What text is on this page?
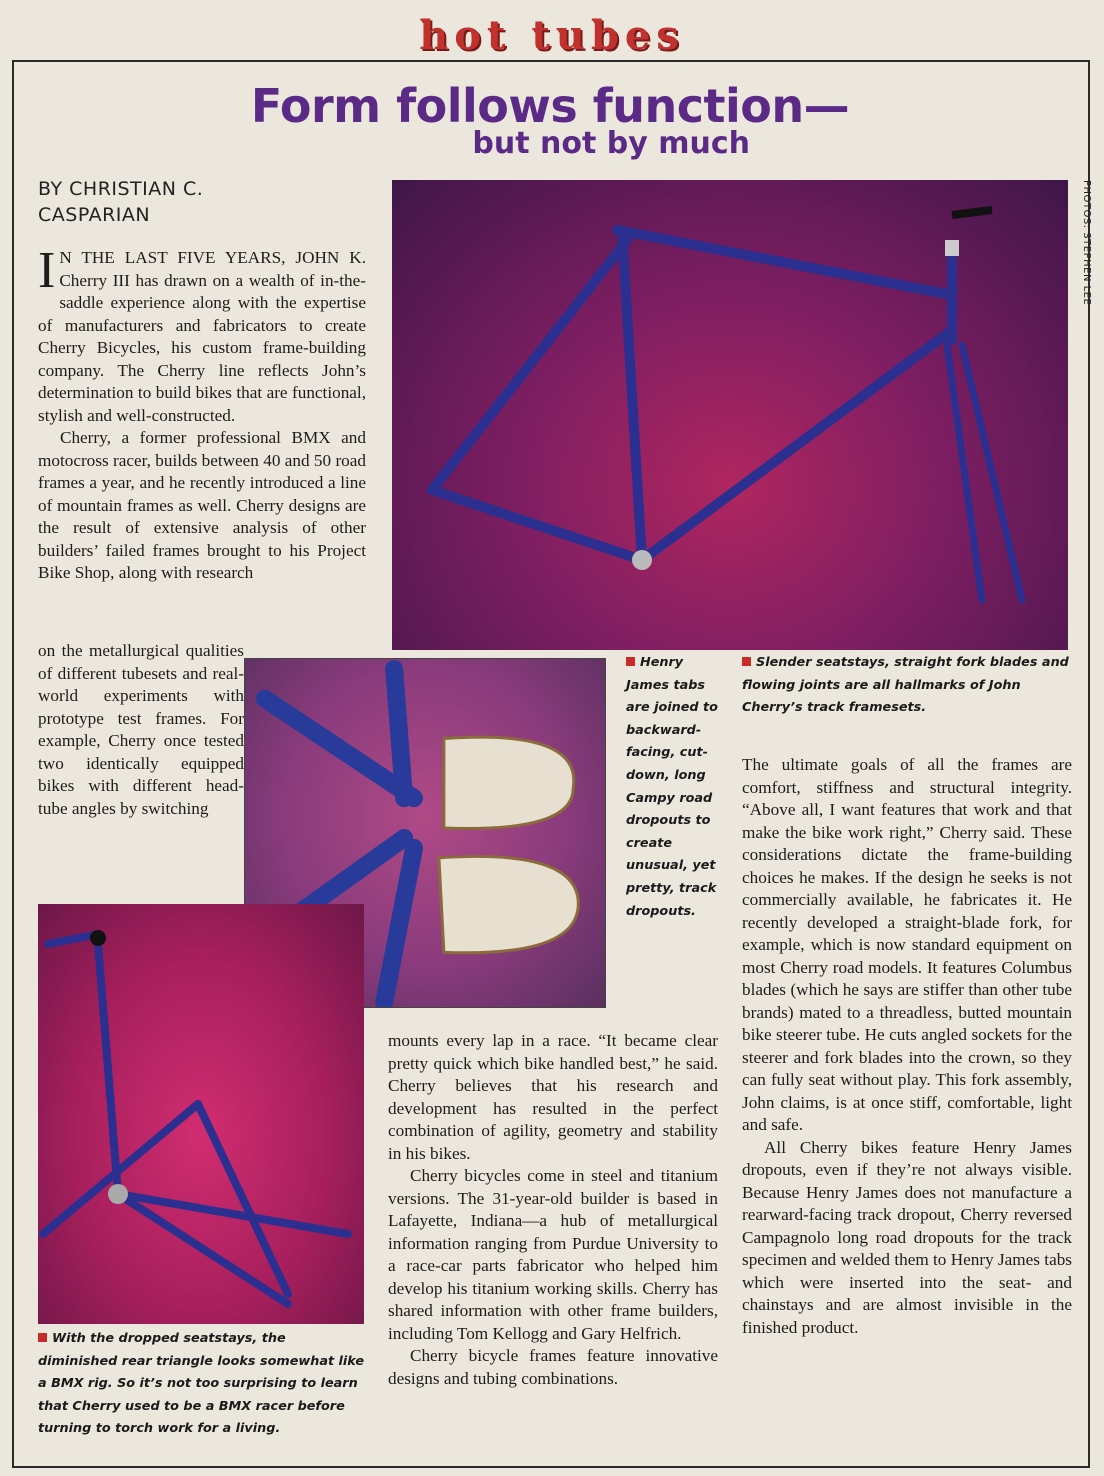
hot tubes
Form follows function—
but not by much
BY CHRISTIAN C. CASPARIAN	PHOTOS: STEPHEN LEE

I N THE LAST FIVE YEARS, JOHN K. Cherry III has drawn on a wealth of in-the-saddle experience along with the expertise of manufacturers and fabricators to create Cherry Bicycles, his custom frame-building company. The Cherry line reflects John’s determination to build bikes that are functional, stylish and well-constructed.

Cherry, a former professional BMX and motocross racer, builds between 40 and 50 road frames a year, and he recently introduced a line of mountain frames as well. Cherry designs are the result of extensive analysis of other builders’ failed frames brought to his Project Bike Shop, along with research

on the metallurgical qualities of different tubesets and real-world experiments with prototype test frames. For example, Cherry once tested two identically equipped bikes with different head-tube angles by switching

mounts every lap in a race. “It became clear pretty quick which bike handled best,” he said. Cherry believes that his research and development has resulted in the perfect combination of agility, geometry and stability in his bikes.

Cherry bicycles come in steel and titanium versions. The 31-year-old builder is based in Lafayette, Indiana—a hub of metallurgical information ranging from Purdue University to a race-car parts fabricator who helped him develop his titanium working skills. Cherry has shared information with other frame builders, including Tom Kellogg and Gary Helfrich.

Cherry bicycle frames feature innovative designs and tubing combinations.

The ultimate goals of all the frames are comfort, stiffness and structural integrity. “Above all, I want features that work and that make the bike work right,” Cherry said. These considerations dictate the frame-building choices he makes. If the design he seeks is not commercially available, he fabricates it. He recently developed a straight-blade fork, for example, which is now standard equipment on most Cherry road models. It features Columbus blades (which he says are stiffer than other tube brands) mated to a threadless, butted mountain bike steerer tube. He cuts angled sockets for the steerer and fork blades into the crown, so they can fully seat without play. This fork assembly, John claims, is at once stiff, comfortable, light and safe.

All Cherry bikes feature Henry James dropouts, even if they’re not always visible. Because Henry James does not manufacture a rearward-facing track dropout, Cherry reversed Campagnolo long road dropouts for the track specimen and welded them to Henry James tabs which were inserted into the seat- and chainstays and are almost invisible in the finished product.

Henry James tabs are joined to backward-facing, cut-down, long Campy road dropouts to create unusual, yet pretty, track dropouts.
Slender seatstays, straight fork blades and flowing joints are all hallmarks of John Cherry’s track framesets.
With the dropped seatstays, the diminished rear triangle looks somewhat like a BMX rig. So it’s not too surprising to learn that Cherry used to be a BMX racer before turning to torch work for a living.
